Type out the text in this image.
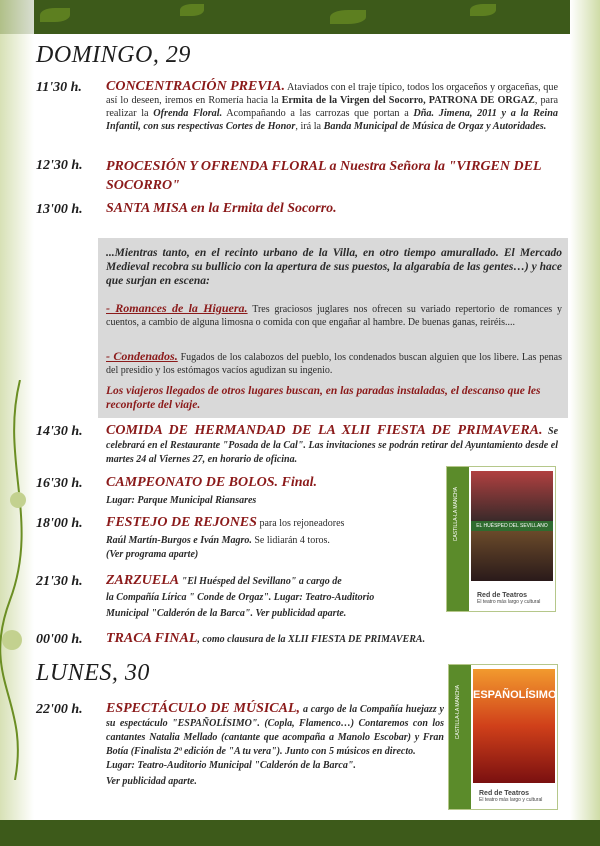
DOMINGO, 29
11'30 h. CONCENTRACIÓN PREVIA. Ataviados con el traje típico, todos los orgaceños y orgaceñas, que así lo deseen, iremos en Romería hacia la Ermita de la Virgen del Socorro, PATRONA DE ORGAZ, para realizar la Ofrenda Floral. Acompañando a las carrozas que portan a Dña. Jimena, 2011 y a la Reina Infantil, con sus respectivas Cortes de Honor, irá la Banda Municipal de Música de Orgaz y Autoridades.
12'30 h. PROCESIÓN Y OFRENDA FLORAL a Nuestra Señora la "VIRGEN DEL SOCORRO"
13'00 h. SANTA MISA en la Ermita del Socorro.

...Mientras tanto, en el recinto urbano de la Villa, en otro tiempo amurallado. El Mercado Medieval recobra su bullicio con la apertura de sus puestos, la algarabía de las gentes…) y hace que surjan en escena:

- Romances de la Higuera. Tres graciosos juglares nos ofrecen su variado repertorio de romances y cuentos, a cambio de alguna limosna o comida con que engañar al hambre. De buenas ganas, reiréis....

- Condenados. Fugados de los calabozos del pueblo, los condenados buscan alguien que los libere. Las penas del presidio y los estómagos vacíos agudizan su ingenio.

Los viajeros llegados de otros lugares buscan, en las paradas instaladas, el descanso que les reconforte del viaje.

14'30 h. COMIDA DE HERMANDAD DE LA XLII FIESTA DE PRIMAVERA. Se celebrará en el Restaurante "Posada de la Cal". Las invitaciones se podrán retirar del Ayuntamiento desde el martes 24 al Viernes 27, en horario de oficina.
16'30 h. CAMPEONATO DE BOLOS. Final.
Lugar: Parque Municipal Riansares
18'00 h. FESTEJO DE REJONES para los rejoneadores
Raúl Martín-Burgos e Iván Magro. Se lidiarán 4 toros.
(Ver programa aparte)
21'30 h. ZARZUELA "El Huésped del Sevillano" a cargo de
la Compañía Lírica " Conde de Orgaz". Lugar: Teatro-Auditorio
Municipal "Calderón de la Barca". Ver publicidad aparte.
00'00 h. TRACA FINAL, como clausura de la XLII FIESTA DE PRIMAVERA.
LUNES, 30
22'00 h. ESPECTÁCULO DE MÚSICAL, a cargo de la Compañía huejazz y su espectáculo "ESPAÑOLÍSIMO". (Copla, Flamenco…) Contaremos con los cantantes Natalia Mellado (cantante que acompaña a Manolo Escobar) y Fran Botía (Finalista 2ª edición de "A tu vera"). Junto con 5 músicos en directo.
Lugar: Teatro-Auditorio Municipal "Calderón de la Barca".
Ver publicidad aparte.
CASTILLA-LA MANCHA	EL HUÉSPED DEL SEVILLANO
Red de Teatros
El teatro más largo y cultural
CASTILLA-LA MANCHA ESPAÑOLÍSIMO
Red de Teatros
El teatro más largo y cultural
